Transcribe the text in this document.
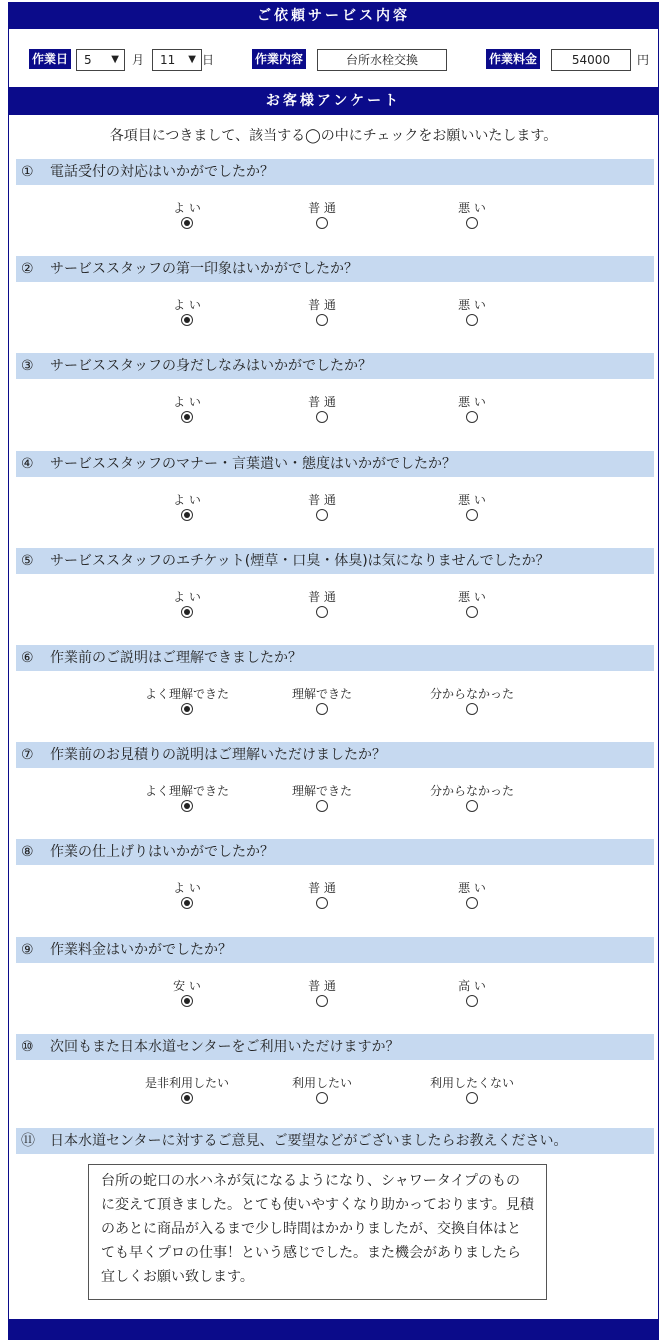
ご依頼サービス内容
作業日	5 ▼ 月	11 ▼ 日	作業内容	台所水栓交換	作業料金	54000	円
お客様アンケート
各項目につきまして、該当する◯の中にチェックをお願いいたします。
① 電話受付の対応はいかがでしたか？
よ い	普 通	悪 い
② サービススタッフの第一印象はいかがでしたか？
よ い	普 通	悪 い
③ サービススタッフの身だしなみはいかがでしたか？
よ い	普 通	悪 い
④ サービススタッフのマナー・言葉遣い・態度はいかがでしたか？
よ い	普 通	悪 い
⑤ サービススタッフのエチケット(煙草・口臭・体臭)は気になりませんでしたか？
よ い	普 通	悪 い
⑥ 作業前のご説明はご理解できましたか？
よく理解できた	理解できた	分からなかった
⑦ 作業前のお見積りの説明はご理解いただけましたか？
よく理解できた	理解できた	分からなかった
⑧ 作業の仕上げりはいかがでしたか？
よ い	普 通	悪 い
⑨ 作業料金はいかがでしたか？
安 い	普 通	高 い
⑩ 次回もまた日本水道センターをご利用いただけますか？
是非利用したい	利用したい	利用したくない
⑪ 日本水道センターに対するご意見、ご要望などがございましたらお教えください。
台所の蛇口の水ハネが気になるようになり、シャワータイプのものに変えて頂きました。とても使いやすくなり助かっております。見積のあとに商品が入るまで少し時間はかかりましたが、交換自体はとても早くプロの仕事！という感じでした。また機会がありましたら宜しくお願い致します。
